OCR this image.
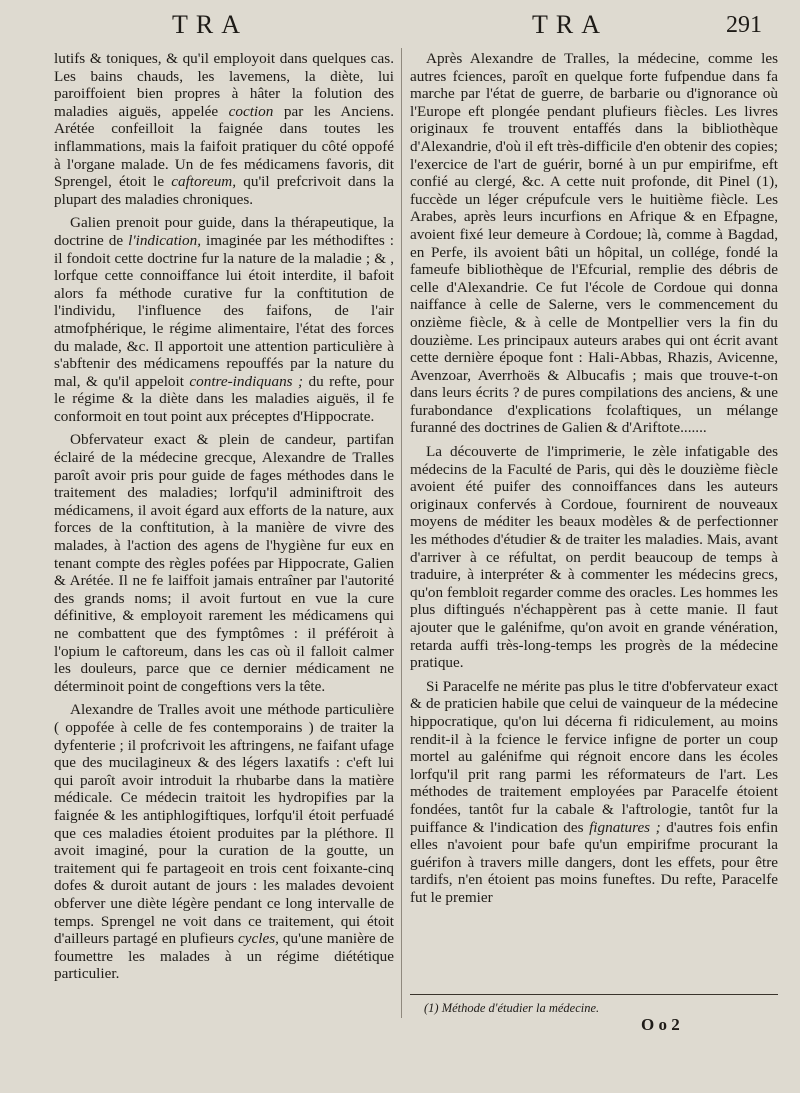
TRA	TRA	291

lutifs & toniques, & qu'il employoit dans quelques cas. Les bains chauds, les lavemens, la diète, lui paroiffoient bien propres à hâter la folution des maladies aiguës, appelée coction par les Anciens. Arétée confeilloit la faignée dans toutes les inflammations, mais la faifoit pratiquer du côté oppofé à l'organe malade. Un de fes médicamens favoris, dit Sprengel, étoit le caftoreum, qu'il prefcrivoit dans la plupart des maladies chroniques.

Galien prenoit pour guide, dans la thérapeutique, la doctrine de l'indication, imaginée par les méthodiftes : il fondoit cette doctrine fur la nature de la maladie ; & , lorfque cette connoiffance lui étoit interdite, il bafoit alors fa méthode curative fur la conftitution de l'individu, l'influence des faifons, de l'air atmofphérique, le régime alimentaire, l'état des forces du malade, &c. Il apportoit une attention particulière à s'abftenir des médicamens repouffés par la nature du mal, & qu'il appeloit contre-indiquans ; du refte, pour le régime & la diète dans les maladies aiguës, il fe conformoit en tout point aux préceptes d'Hippocrate.

Obfervateur exact & plein de candeur, partifan éclairé de la médecine grecque, Alexandre de Tralles paroît avoir pris pour guide de fages méthodes dans le traitement des maladies; lorfqu'il adminiftroit des médicamens, il avoit égard aux efforts de la nature, aux forces de la conftitution, à la manière de vivre des malades, à l'action des agens de l'hygiène fur eux en tenant compte des règles pofées par Hippocrate, Galien & Arétée. Il ne fe laiffoit jamais entraîner par l'autorité des grands noms; il avoit furtout en vue la cure définitive, & employoit rarement les médicamens qui ne combattent que des fymptômes : il préféroit à l'opium le caftoreum, dans les cas où il falloit calmer les douleurs, parce que ce dernier médicament ne déterminoit point de congeftions vers la tête.

Alexandre de Tralles avoit une méthode particulière ( oppofée à celle de fes contemporains ) de traiter la dyfenterie ; il profcrivoit les aftringens, ne faifant ufage que des mucilagineux & des légers laxatifs : c'eft lui qui paroît avoir introduit la rhubarbe dans la matière médicale. Ce médecin traitoit les hydropifies par la faignée & les antiphlogiftiques, lorfqu'il étoit perfuadé que ces maladies étoient produites par la pléthore. Il avoit imaginé, pour la curation de la goutte, un traitement qui fe partageoit en trois cent foixante-cinq dofes & duroit autant de jours : les malades devoient obferver une diète légère pendant ce long intervalle de temps. Sprengel ne voit dans ce traitement, qui étoit d'ailleurs partagé en plufieurs cycles, qu'une manière de foumettre les malades à un régime diététique particulier.

Après Alexandre de Tralles, la médecine, comme les autres fciences, paroît en quelque forte fufpendue dans fa marche par l'état de guerre, de barbarie ou d'ignorance où l'Europe eft plongée pendant plufieurs fiècles. Les livres originaux fe trouvent entaffés dans la bibliothèque d'Alexandrie, d'où il eft très-difficile d'en obtenir des copies; l'exercice de l'art de guérir, borné à un pur empirifme, eft confié au clergé, &c. A cette nuit profonde, dit Pinel (1), fuccède un léger crépufcule vers le huitième fiècle. Les Arabes, après leurs incurfions en Afrique & en Efpagne, avoient fixé leur demeure à Cordoue; là, comme à Bagdad, en Perfe, ils avoient bâti un hôpital, un collége, fondé la fameufe bibliothèque de l'Efcurial, remplie des débris de celle d'Alexandrie. Ce fut l'école de Cordoue qui donna naiffance à celle de Salerne, vers le commencement du onzième fiècle, & à celle de Montpellier vers la fin du douzième. Les principaux auteurs arabes qui ont écrit avant cette dernière époque font : Hali-Abbas, Rhazis, Avicenne, Avenzoar, Averrhoës & Albucafis ; mais que trouve-t-on dans leurs écrits ? de pures compilations des anciens, & une furabondance d'explications fcolaftiques, un mélange furanné des doctrines de Galien & d'Ariftote.......

La découverte de l'imprimerie, le zèle infatigable des médecins de la Faculté de Paris, qui dès le douzième fiècle avoient été puifer des connoiffances dans les auteurs originaux confervés à Cordoue, fournirent de nouveaux moyens de méditer les beaux modèles & de perfectionner les méthodes d'étudier & de traiter les maladies. Mais, avant d'arriver à ce réfultat, on perdit beaucoup de temps à traduire, à interpréter & à commenter les médecins grecs, qu'on fembloit regarder comme des oracles. Les hommes les plus diftingués n'échappèrent pas à cette manie. Il faut ajouter que le galénifme, qu'on avoit en grande vénération, retarda auffi très-long-temps les progrès de la médecine pratique.

Si Paracelfe ne mérite pas plus le titre d'obfervateur exact & de praticien habile que celui de vainqueur de la médecine hippocratique, qu'on lui décerna fi ridiculement, au moins rendit-il à la fcience le fervice infigne de porter un coup mortel au galénifme qui régnoit encore dans les écoles lorfqu'il prit rang parmi les réformateurs de l'art. Les méthodes de traitement employées par Paracelfe étoient fondées, tantôt fur la cabale & l'aftrologie, tantôt fur la puiffance & l'indication des fignatures ; d'autres fois enfin elles n'avoient pour bafe qu'un empirifme procurant la guérifon à travers mille dangers, dont les effets, pour être tardifs, n'en étoient pas moins funeftes. Du refte, Paracelfe fut le premier

(1) Méthode d'étudier la médecine.
O o 2
